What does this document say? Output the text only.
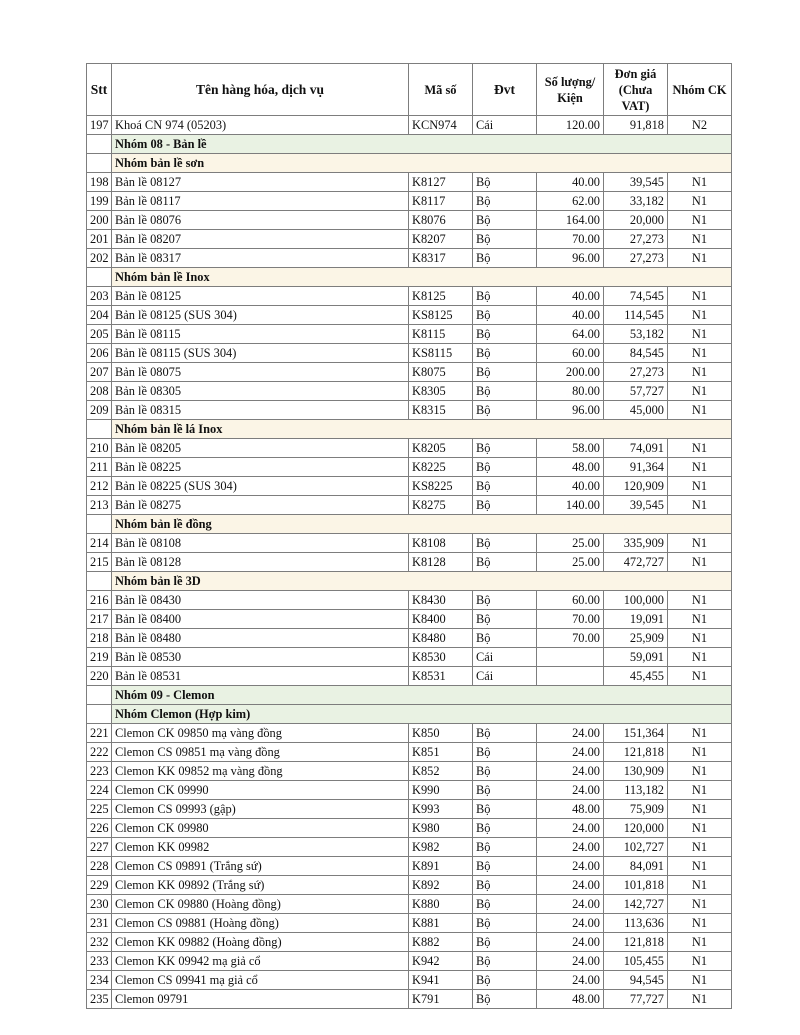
Stt	Tên hàng hóa, dịch vụ	Mã số	Đvt	Số lượng/ Kiện	Đơn giá (Chưa VAT)	Nhóm CK
197	Khoá CN 974 (05203)	KCN974	Cái	120.00	91,818	N2
	Nhóm 08 - Bản lề					
	Nhóm bản lề sơn					
198	Bản lề 08127	K8127	Bộ	40.00	39,545	N1
199	Bản lề 08117	K8117	Bộ	62.00	33,182	N1
200	Bản lề 08076	K8076	Bộ	164.00	20,000	N1
201	Bản lề 08207	K8207	Bộ	70.00	27,273	N1
202	Bản lề 08317	K8317	Bộ	96.00	27,273	N1
	Nhóm bản lề Inox					
203	Bản lề 08125	K8125	Bộ	40.00	74,545	N1
204	Bản lề 08125 (SUS 304)	KS8125	Bộ	40.00	114,545	N1
205	Bản lề 08115	K8115	Bộ	64.00	53,182	N1
206	Bản lề 08115 (SUS 304)	KS8115	Bộ	60.00	84,545	N1
207	Bản lề 08075	K8075	Bộ	200.00	27,273	N1
208	Bản lề 08305	K8305	Bộ	80.00	57,727	N1
209	Bản lề 08315	K8315	Bộ	96.00	45,000	N1
	Nhóm bản lề lá Inox					
210	Bản lề 08205	K8205	Bộ	58.00	74,091	N1
211	Bản lề 08225	K8225	Bộ	48.00	91,364	N1
212	Bản lề 08225 (SUS 304)	KS8225	Bộ	40.00	120,909	N1
213	Bản lề 08275	K8275	Bộ	140.00	39,545	N1
	Nhóm bản lề đồng					
214	Bản lề 08108	K8108	Bộ	25.00	335,909	N1
215	Bản lề 08128	K8128	Bộ	25.00	472,727	N1
	Nhóm bản lề 3D					
216	Bản lề 08430	K8430	Bộ	60.00	100,000	N1
217	Bản lề 08400	K8400	Bộ	70.00	19,091	N1
218	Bản lề 08480	K8480	Bộ	70.00	25,909	N1
219	Bản lề 08530	K8530	Cái		59,091	N1
220	Bản lề 08531	K8531	Cái		45,455	N1
	Nhóm 09 - Clemon					
	Nhóm Clemon (Hợp kim)					
221	Clemon CK 09850 mạ vàng đồng	K850	Bộ	24.00	151,364	N1
222	Clemon CS 09851 mạ vàng đồng	K851	Bộ	24.00	121,818	N1
223	Clemon KK 09852 mạ vàng đồng	K852	Bộ	24.00	130,909	N1
224	Clemon CK 09990	K990	Bộ	24.00	113,182	N1
225	Clemon CS 09993 (gập)	K993	Bộ	48.00	75,909	N1
226	Clemon CK 09980	K980	Bộ	24.00	120,000	N1
227	Clemon KK 09982	K982	Bộ	24.00	102,727	N1
228	Clemon CS 09891 (Trắng sứ)	K891	Bộ	24.00	84,091	N1
229	Clemon KK 09892 (Trắng sứ)	K892	Bộ	24.00	101,818	N1
230	Clemon CK 09880 (Hoàng đồng)	K880	Bộ	24.00	142,727	N1
231	Clemon CS 09881 (Hoàng đồng)	K881	Bộ	24.00	113,636	N1
232	Clemon KK 09882 (Hoàng đồng)	K882	Bộ	24.00	121,818	N1
233	Clemon KK 09942 mạ giả cổ	K942	Bộ	24.00	105,455	N1
234	Clemon CS 09941 mạ giả cổ	K941	Bộ	24.00	94,545	N1
235	Clemon 09791	K791	Bộ	48.00	77,727	N1
